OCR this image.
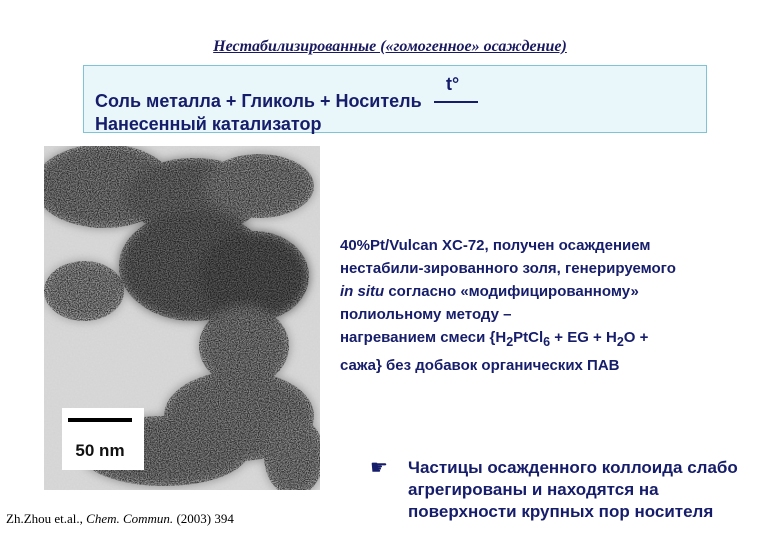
Нестабилизированные («гомогенное» осаждение)
Соль металла + Гликоль + Носитель
t°
Нанесенный катализатор
50 nm
40%Pt/Vulcan XC-72, получен осаждением
нестабили-зированного золя, генерируемого
in situ согласно «модифицированному»
полиольному методу –
нагреванием смеси {$H_2PtCl_6$ + EG + $H_2O$ +
сажа} без добавок органических ПАВ
☛ Частицы осажденного коллоида слабо агрегированы и находятся на поверхности крупных пор носителя
Zh.Zhou et.al., Chem. Commun. (2003) 394
